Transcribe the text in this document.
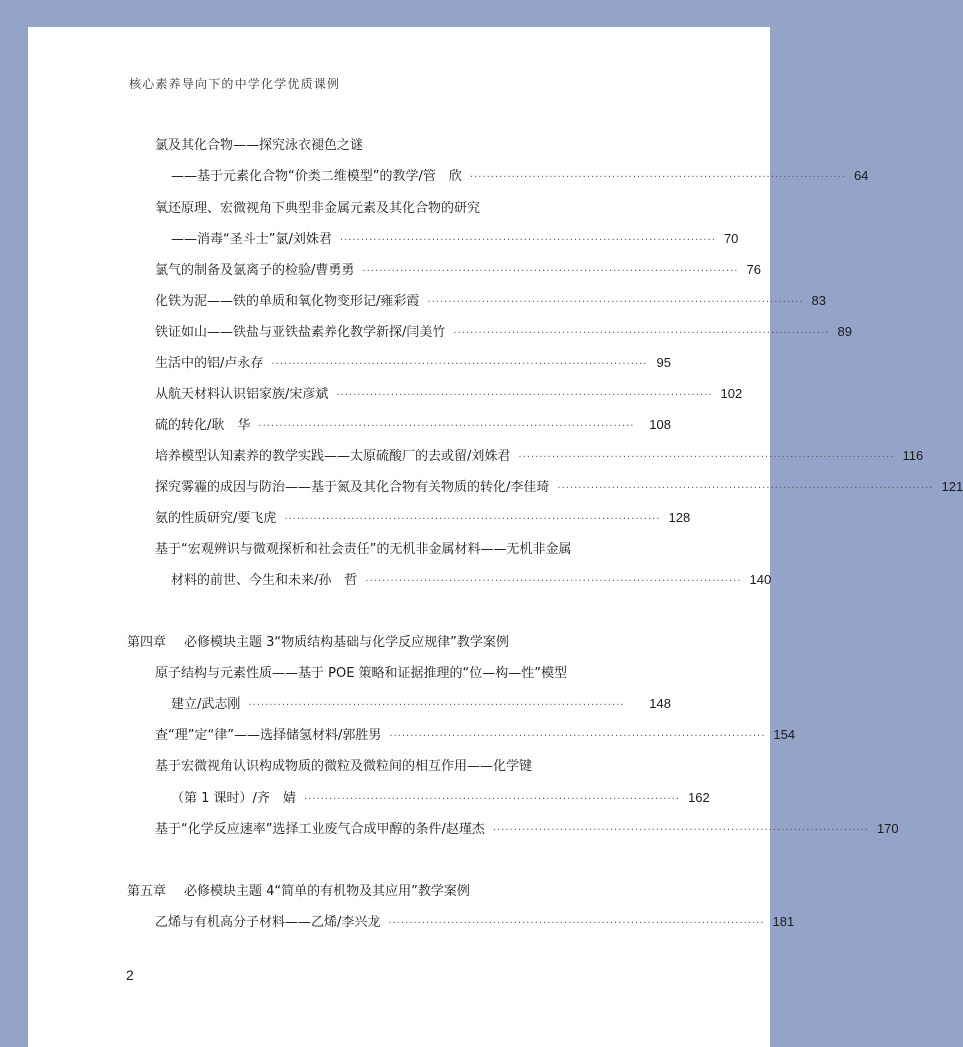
核心素养导向下的中学化学优质课例
氯及其化合物——探究泳衣褪色之谜
——基于元素化合物“价类二维模型”的教学/管　欣 ·························································································· 64
氧还原理、宏微视角下典型非金属元素及其化合物的研究
——消毒“圣斗士”氯/刘姝君 ·························································································· 70
氯气的制备及氯离子的检验/曹勇勇 ·························································································· 76
化铁为泥——铁的单质和氧化物变形记/雍彩霞 ·························································································· 83
铁证如山——铁盐与亚铁盐素养化教学新探/闫美竹 ·························································································· 89
生活中的铝/卢永存 ·························································································· 95
从航天材料认识铝家族/宋彦斌 ·························································································· 102
硫的转化/耿　华 ··························································································	108
培养模型认知素养的教学实践——太原硫酸厂的去或留/刘姝君 ·························································································· 116
探究雾霾的成因与防治——基于氮及其化合物有关物质的转化/李佳琦 ·························································································· 121
氨的性质研究/要飞虎 ·························································································· 128
基于“宏观辨识与微观探析和社会责任”的无机非金属材料——无机非金属
材料的前世、今生和未来/孙　哲 ·························································································· 140
第四章 必修模块主题 3“物质结构基础与化学反应规律”教学案例
原子结构与元素性质——基于 POE 策略和证据推理的“位—构—性”模型
建立/武志刚 ··························································································	148
查“理”定“律”——选择储氢材料/郭胜男 ·························································································· 154
基于宏微视角认识构成物质的微粒及微粒间的相互作用——化学键
（第 1 课时）/齐　婧 ·························································································· 162
基于“化学反应速率”选择工业废气合成甲醇的条件/赵瑾杰 ·························································································· 170
第五章 必修模块主题 4“简单的有机物及其应用”教学案例
乙烯与有机高分子材料——乙烯/李兴龙 ·························································································· 181
2
